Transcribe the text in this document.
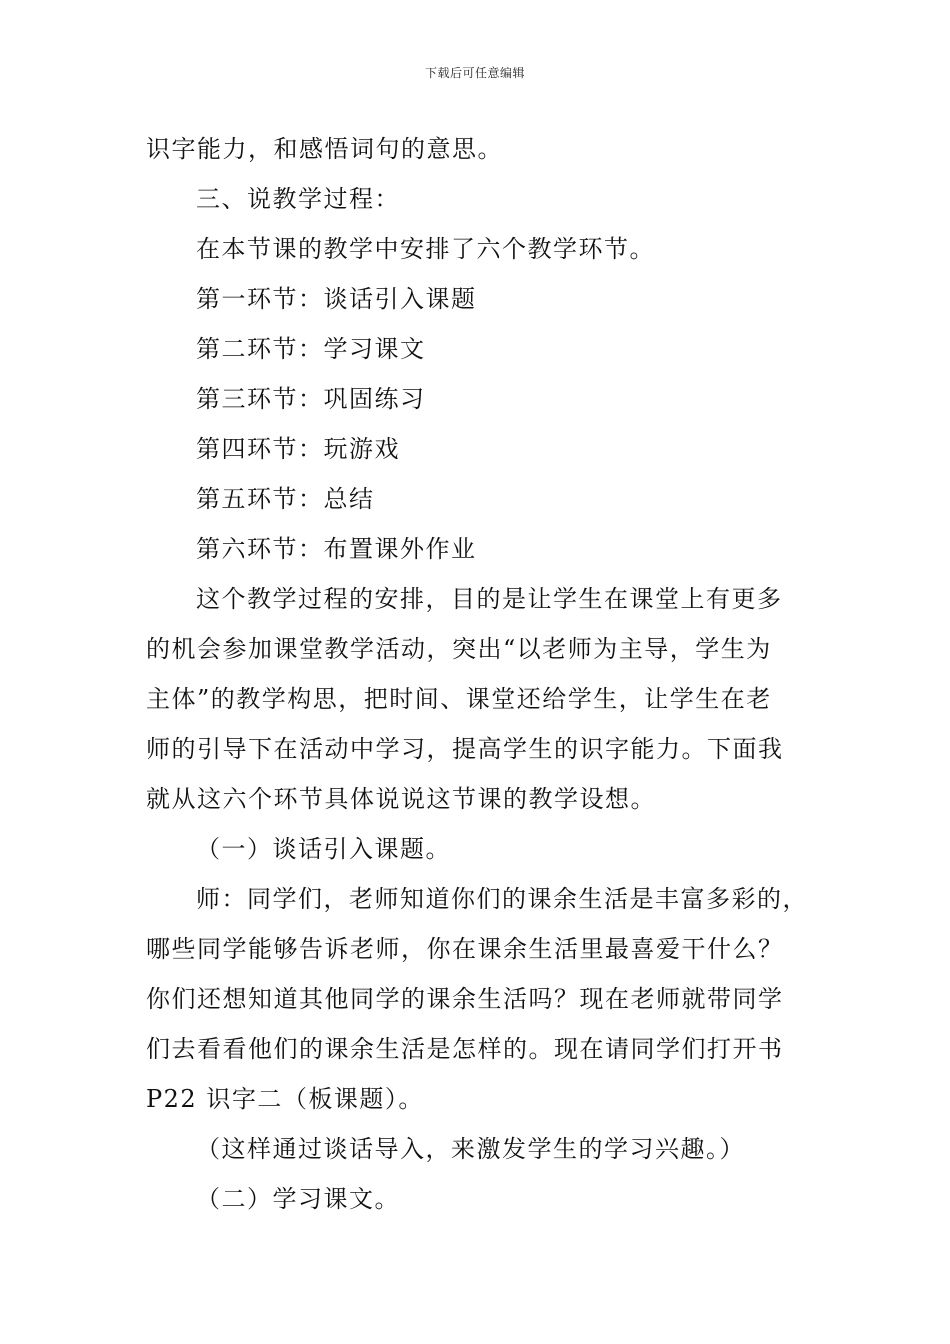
下载后可任意编辑
识字能力，和感悟词句的意思。
三、说教学过程：
在本节课的教学中安排了六个教学环节。
第一环节：谈话引入课题
第二环节：学习课文
第三环节：巩固练习
第四环节：玩游戏
第五环节：总结
第六环节：布置课外作业
这个教学过程的安排，目的是让学生在课堂上有更多
的机会参加课堂教学活动，突出“以老师为主导，学生为
主体”的教学构思，把时间、课堂还给学生，让学生在老
师的引导下在活动中学习，提高学生的识字能力。下面我
就从这六个环节具体说说这节课的教学设想。
（一）谈话引入课题。
师：同学们，老师知道你们的课余生活是丰富多彩的，
哪些同学能够告诉老师，你在课余生活里最喜爱干什么？
你们还想知道其他同学的课余生活吗？现在老师就带同学
们去看看他们的课余生活是怎样的。现在请同学们打开书
P22 识字二（板课题）。
（这样通过谈话导入，来激发学生的学习兴趣。）
（二）学习课文。
